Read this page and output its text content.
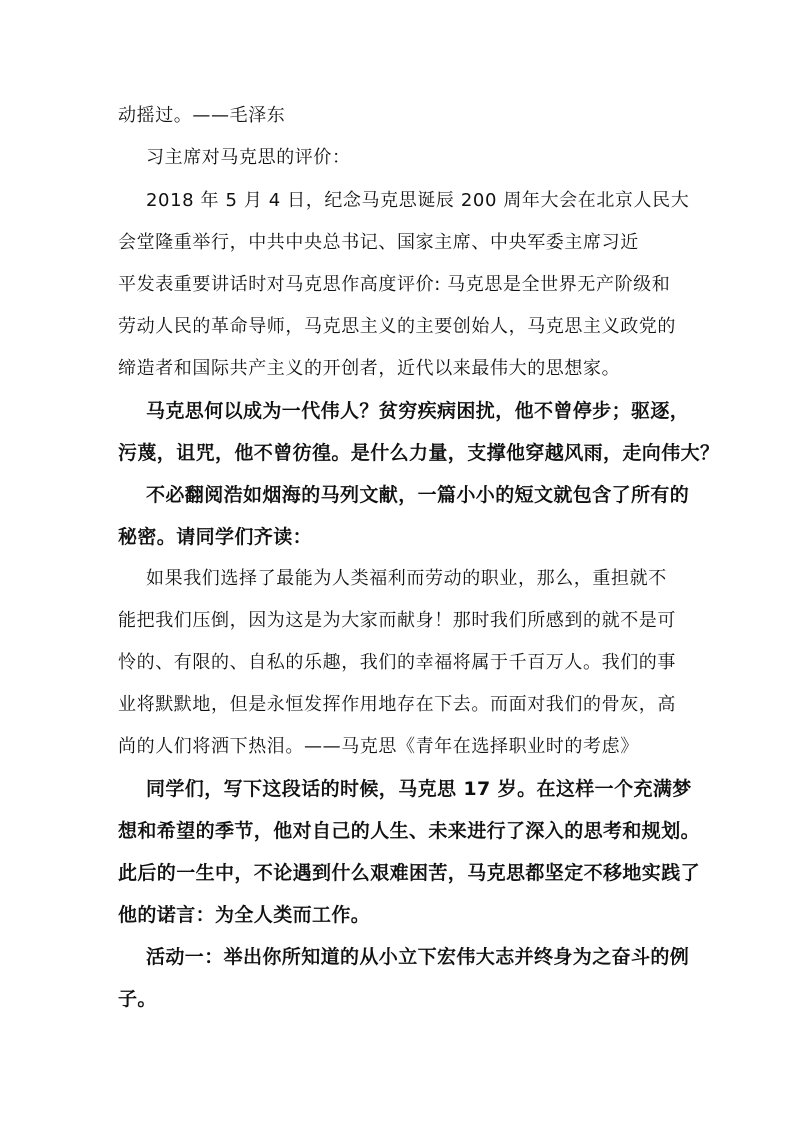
动摇过。——毛泽东
习主席对马克思的评价：
2018 年 5 月 4 日，纪念马克思诞辰 200 周年大会在北京人民大
会堂隆重举行，中共中央总书记、国家主席、中央军委主席习近
平发表重要讲话时对马克思作高度评价: 马克思是全世界无产阶级和
劳动人民的革命导师，马克思主义的主要创始人，马克思主义政党的
缔造者和国际共产主义的开创者，近代以来最伟大的思想家。
马克思何以成为一代伟人？贫穷疾病困扰，他不曾停步；驱逐，
污蔑，诅咒，他不曾彷徨。是什么力量，支撑他穿越风雨，走向伟大？
不必翻阅浩如烟海的马列文献，一篇小小的短文就包含了所有的
秘密。请同学们齐读：
如果我们选择了最能为人类福利而劳动的职业，那么，重担就不
能把我们压倒，因为这是为大家而献身！那时我们所感到的就不是可
怜的、有限的、自私的乐趣，我们的幸福将属于千百万人。我们的事
业将默默地，但是永恒发挥作用地存在下去。而面对我们的骨灰，高
尚的人们将洒下热泪。——马克思《青年在选择职业时的考虑》
同学们，写下这段话的时候，马克思 17 岁。在这样一个充满梦
想和希望的季节，他对自己的人生、未来进行了深入的思考和规划。
此后的一生中，不论遇到什么艰难困苦，马克思都坚定不移地实践了
他的诺言：为全人类而工作。
活动一：举出你所知道的从小立下宏伟大志并终身为之奋斗的例
子。
